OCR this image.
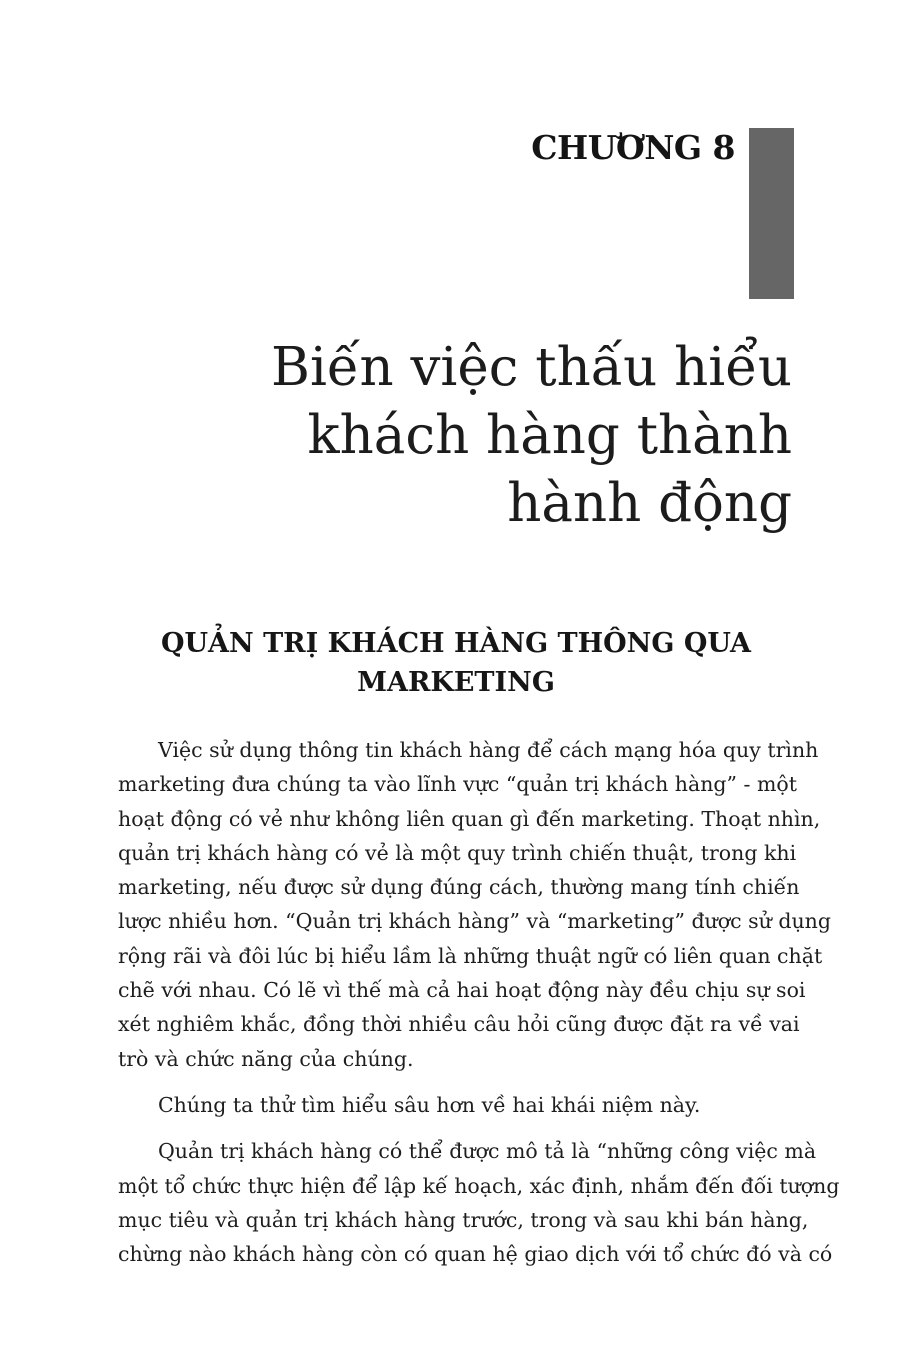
CHƯƠNG 8
Biến việc thấu hiểu
khách hàng thành
hành động
QUẢN TRỊ KHÁCH HÀNG THÔNG QUA
MARKETING

Việc sử dụng thông tin khách hàng để cách mạng hóa quy trình
marketing đưa chúng ta vào lĩnh vực “quản trị khách hàng” - một
hoạt động có vẻ như không liên quan gì đến marketing. Thoạt nhìn,
quản trị khách hàng có vẻ là một quy trình chiến thuật, trong khi
marketing, nếu được sử dụng đúng cách, thường mang tính chiến
lược nhiều hơn. “Quản trị khách hàng” và “marketing” được sử dụng
rộng rãi và đôi lúc bị hiểu lầm là những thuật ngữ có liên quan chặt
chẽ với nhau. Có lẽ vì thế mà cả hai hoạt động này đều chịu sự soi
xét nghiêm khắc, đồng thời nhiều câu hỏi cũng được đặt ra về vai
trò và chức năng của chúng.

Chúng ta thử tìm hiểu sâu hơn về hai khái niệm này.

Quản trị khách hàng có thể được mô tả là “những công việc mà
một tổ chức thực hiện để lập kế hoạch, xác định, nhắm đến đối tượng
mục tiêu và quản trị khách hàng trước, trong và sau khi bán hàng,
chừng nào khách hàng còn có quan hệ giao dịch với tổ chức đó và có
